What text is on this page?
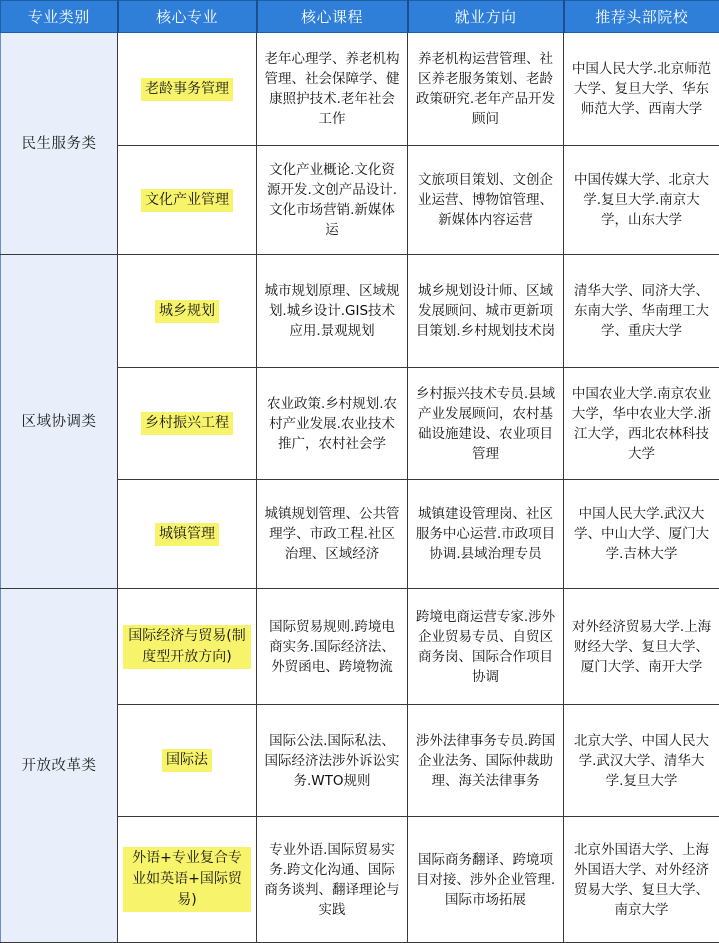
专业类别	核心专业	核心课程	就业方向	推荐头部院校
民生服务类	老龄事务管理	老年心理学、养老机构管理、社会保障学、健康照护技术.老年社会工作	养老机构运营管理、社区养老服务策划、老龄政策研究.老年产品开发顾问	中国人民大学.北京师范大学、复旦大学、华东师范大学、西南大学
	文化产业管理	文化产业概论.文化资源开发.文创产品设计.文化市场营销.新媒体运	文旅项目策划、文创企业运营、博物馆管理、新媒体内容运营	中国传媒大学、北京大学.复旦大学.南京大学，山东大学
区域协调类	城乡规划	城市规划原理、区域规划.城乡设计.GIS技术应用.景观规划	城乡规划设计师、区域发展顾问、城市更新项目策划.乡村规划技术岗	清华大学、同济大学、东南大学、华南理工大学、重庆大学
	乡村振兴工程	农业政策.乡村规划.农村产业发展.农业技术推广，农村社会学	乡村振兴技术专员.县域产业发展顾问，农村基础设施建设、农业项目管理	中国农业大学.南京农业大学，华中农业大学.浙江大学，西北农林科技大学
	城镇管理	城镇规划管理、公共管理学、市政工程.社区治理、区域经济	城镇建设管理岗、社区服务中心运营.市政项目协调.县域治理专员	中国人民大学.武汉大学、中山大学、厦门大学.吉林大学
开放改革类	国际经济与贸易(制度型开放方向)	国际贸易规则.跨境电商实务.国际经济法、外贸函电、跨境物流	跨境电商运营专家.涉外企业贸易专员、自贸区商务岗、国际合作项目协调	对外经济贸易大学.上海财经大学、复旦大学、厦门大学、南开大学
	国际法	国际公法.国际私法、国际经济法涉外诉讼实务.WTO规则	涉外法律事务专员.跨国企业法务、国际仲裁助理、海关法律事务	北京大学、中国人民大学.武汉大学、清华大学.复旦大学
	外语+专业复合专业如英语+国际贸易)	专业外语.国际贸易实务.跨文化沟通、国际商务谈判、翻译理论与实践	国际商务翻译、跨境项目对接、涉外企业管理.国际市场拓展	北京外国语大学、上海外国语大学、对外经济贸易大学、复旦大学、南京大学
